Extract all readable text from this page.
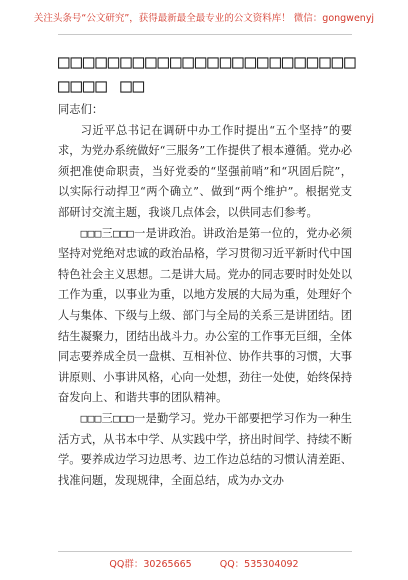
关注头条号“公文研究”，获得最新最全最专业的公文资料库！ 微信：gongwenyj
□□□□□□□□□□□□□□□□□□□□□□□□□□□□ □□

同志们：

习近平总书记在调研中办工作时提出“五个坚持”的要求，为党办系统做好“三服务”工作提供了根本遵循。党办必须把准使命职责，当好党委的“坚强前哨”和“巩固后院”，以实际行动捍卫“两个确立”、做到“两个维护”。根据党支部研讨交流主题，我谈几点体会，以供同志们参考。

□□□三□□□一是讲政治。讲政治是第一位的，党办必须坚持对党绝对忠诚的政治品格，学习贯彻习近平新时代中国特色社会主义思想。二是讲大局。党办的同志要时时处处以工作为重，以事业为重，以地方发展的大局为重，处理好个人与集体、下级与上级、部门与全局的关系三是讲团结。团结生凝聚力，团结出战斗力。办公室的工作事无巨细，全体同志要养成全员一盘棋、互相补位、协作共事的习惯，大事讲原则、小事讲风格，心向一处想，劲往一处使，始终保持奋发向上、和谐共事的团队精神。

□□□三□□□一是勤学习。党办干部要把学习作为一种生活方式，从书本中学、从实践中学，挤出时间学、持续不断学。要养成边学习边思考、边工作边总结的习惯认清差距、找准问题，发现规律，全面总结，成为办文办

QQ群：30265665	QQ：535304092
